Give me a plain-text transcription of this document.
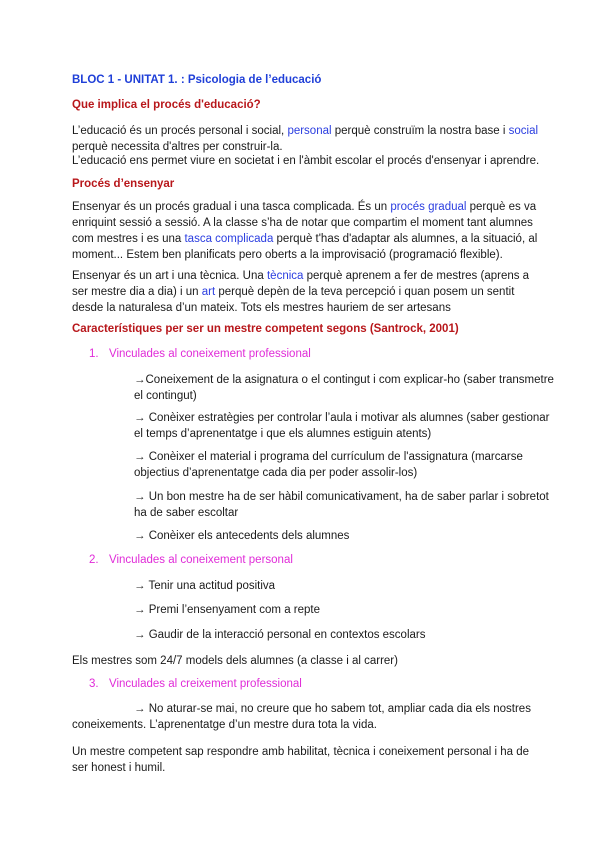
BLOC 1 - UNITAT 1. : Psicologia de l’educació
Que implica el procés d'educació?
L’educació és un procés personal i social, personal perquè construïm la nostra base i social perquè necessita d'altres per construir-la.
L’educació ens permet viure en societat i en l'àmbit escolar el procés d'ensenyar i aprendre.
Procés d’ensenyar
Ensenyar és un procés gradual i una tasca complicada. És un procés gradual perquè es va enriquint sessió a sessió. A la classe s’ha de notar que compartim el moment tant alumnes com mestres i es una tasca complicada perquè t'has d'adaptar als alumnes, a la situació, al moment... Estem ben planificats pero oberts a la improvisació (programació flexible).
Ensenyar és un art i una tècnica. Una tècnica perquè aprenem a fer de mestres (aprens a ser mestre dia a dia) i un art perquè depèn de la teva percepció i quan posem un sentit desde la naturalesa d’un mateix. Tots els mestres hauriem de ser artesans
Característiques per ser un mestre competent segons (Santrock, 2001)
1. Vinculades al coneixement professional
→Coneixement de la asignatura o el contingut i com explicar-ho (saber transmetre el contingut)
→ Conèixer estratègies per controlar l’aula i motivar als alumnes (saber gestionar el temps d’aprenentatge i que els alumnes estiguin atents)
→ Conèixer el material i programa del currículum de l'assignatura (marcarse objectius d’aprenentatge cada dia per poder assolir-los)
→ Un bon mestre ha de ser hàbil comunicativament, ha de saber parlar i sobretot ha de saber escoltar
→ Conèixer els antecedents dels alumnes
2. Vinculades al coneixement personal
→ Tenir una actitud positiva
→ Premi l’ensenyament com a repte
→ Gaudir de la interacció personal en contextos escolars
Els mestres som 24/7 models dels alumnes (a classe i al carrer)
3. Vinculades al creixement professional
→ No aturar-se mai, no creure que ho sabem tot, ampliar cada dia els nostres coneixements. L’aprenentatge d’un mestre dura tota la vida.
Un mestre competent sap respondre amb habilitat, tècnica i coneixement personal i ha de ser honest i humil.
